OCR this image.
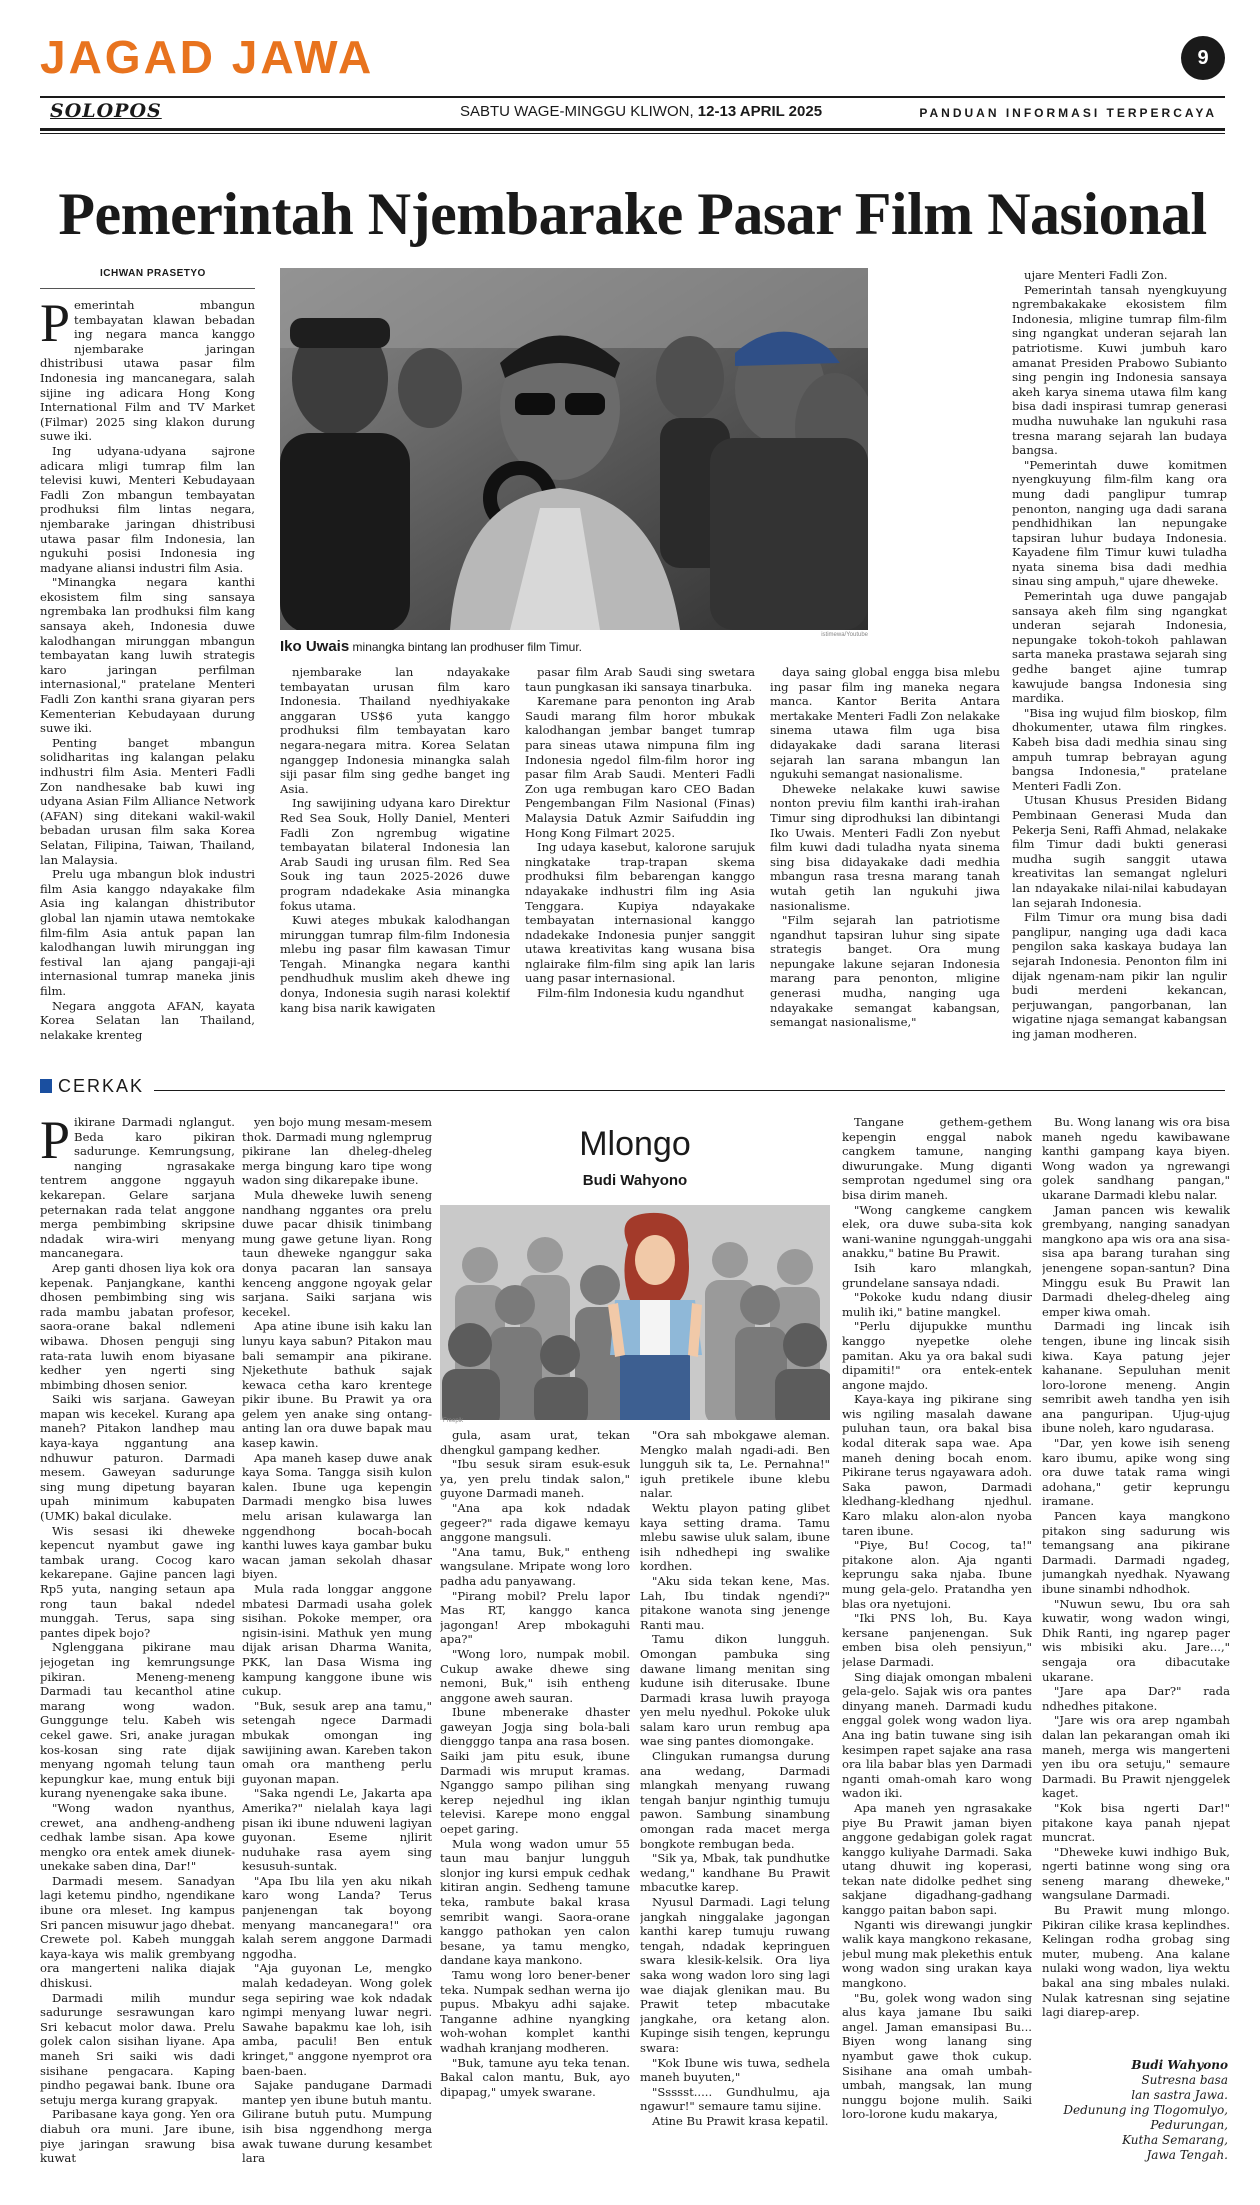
JAGAD JAWA	9
SOLOPOS	SABTU WAGE-MINGGU KLIWON, 12-13 APRIL 2025	PANDUAN INFORMASI TERPERCAYA
Pemerintah Njembarake Pasar Film Nasional
ICHWAN PRASETYO

Pemerintah mbangun tembayatan klawan bebadan ing negara manca kanggo njembarake jaringan dhistribusi utawa pasar film Indonesia ing mancanegara, salah sijine ing adicara Hong Kong International Film and TV Market (Filmar) 2025 sing klakon durung suwe iki.

Ing udyana-udyana sajrone adicara mligi tumrap film lan televisi kuwi, Menteri Kebudayaan Fadli Zon mbangun tembayatan prodhuksi film lintas negara, njembarake jaringan dhistribusi utawa pasar film Indonesia, lan ngukuhi posisi Indonesia ing madyane aliansi industri film Asia.

"Minangka negara kanthi ekosistem film sing sansaya ngrembaka lan prodhuksi film kang sansaya akeh, Indonesia duwe kalodhangan mirunggan mbangun tembayatan kang luwih strategis karo jaringan perfilman internasional," pratelane Menteri Fadli Zon kanthi srana giyaran pers Kementerian Kebudayaan durung suwe iki.

Penting banget mbangun solidharitas ing kalangan pelaku indhustri film Asia. Menteri Fadli Zon nandhesake bab kuwi ing udyana Asian Film Alliance Network (AFAN) sing ditekani wakil-wakil bebadan urusan film saka Korea Selatan, Filipina, Taiwan, Thailand, lan Malaysia.

Prelu uga mbangun blok industri film Asia kanggo ndayakake film Asia ing kalangan dhistributor global lan njamin utawa nemtokake film-film Asia antuk papan lan kalodhangan luwih mirunggan ing festival lan ajang pangaji-aji internasional tumrap maneka jinis film.

Negara anggota AFAN, kayata Korea Selatan lan Thailand, nelakake krenteg

istimewa/Youtube
Iko Uwais minangka bintang lan prodhuser film Timur.

njembarake lan ndayakake tembayatan urusan film karo Indonesia. Thailand nyedhiyakake anggaran US$6 yuta kanggo prodhuksi film tembayatan karo negara-negara mitra. Korea Selatan nganggep Indonesia minangka salah siji pasar film sing gedhe banget ing Asia.

Ing sawijining udyana karo Direktur Red Sea Souk, Holly Daniel, Menteri Fadli Zon ngrembug wigatine tembayatan bilateral Indonesia lan Arab Saudi ing urusan film. Red Sea Souk ing taun 2025-2026 duwe program ndadekake Asia minangka fokus utama.

Kuwi ateges mbukak kalodhangan mirunggan tumrap film-film Indonesia mlebu ing pasar film kawasan Timur Tengah. Minangka negara kanthi pendhudhuk muslim akeh dhewe ing donya, Indonesia sugih narasi kolektif kang bisa narik kawigaten

pasar film Arab Saudi sing swetara taun pungkasan iki sansaya tinarbuka.

Karemane para penonton ing Arab Saudi marang film horor mbukak kalodhangan jembar banget tumrap para sineas utawa nimpuna film ing Indonesia ngedol film-film horor ing pasar film Arab Saudi. Menteri Fadli Zon uga rembugan karo CEO Badan Pengembangan Film Nasional (Finas) Malaysia Datuk Azmir Saifuddin ing Hong Kong Filmart 2025.

Ing udaya kasebut, kalorone sarujuk ningkatake trap-trapan skema prodhuksi film bebarengan kanggo ndayakake indhustri film ing Asia Tenggara. Kupiya ndayakake tembayatan internasional kanggo ndadekake Indonesia punjer sanggit utawa kreativitas kang wusana bisa nglairake film-film sing apik lan laris uang pasar internasional.

Film-film Indonesia kudu ngandhut

daya saing global engga bisa mlebu ing pasar film ing maneka negara manca. Kantor Berita Antara mertakake Menteri Fadli Zon nelakake sinema utawa film uga bisa didayakake dadi sarana literasi sejarah lan sarana mbangun lan ngukuhi semangat nasionalisme.

Dheweke nelakake kuwi sawise nonton previu film kanthi irah-irahan Timur sing diprodhuksi lan dibintangi Iko Uwais. Menteri Fadli Zon nyebut film kuwi dadi tuladha nyata sinema sing bisa didayakake dadi medhia mbangun rasa tresna marang tanah wutah getih lan ngukuhi jiwa nasionalisme.

"Film sejarah lan patriotisme ngandhut tapsiran luhur sing sipate strategis banget. Ora mung nepungake lakune sejaran Indonesia marang para penonton, mligine generasi mudha, nanging uga ndayakake semangat kabangsan, semangat nasionalisme,"

ujare Menteri Fadli Zon.

Pemerintah tansah nyengkuyung ngrembakakake ekosistem film Indonesia, mligine tumrap film-film sing ngangkat underan sejarah lan patriotisme. Kuwi jumbuh karo amanat Presiden Prabowo Subianto sing pengin ing Indonesia sansaya akeh karya sinema utawa film kang bisa dadi inspirasi tumrap generasi mudha nuwuhake lan ngukuhi rasa tresna marang sejarah lan budaya bangsa.

"Pemerintah duwe komitmen nyengkuyung film-film kang ora mung dadi panglipur tumrap penonton, nanging uga dadi sarana pendhidhikan lan nepungake tapsiran luhur budaya Indonesia. Kayadene film Timur kuwi tuladha nyata sinema bisa dadi medhia sinau sing ampuh," ujare dheweke.

Pemerintah uga duwe pangajab sansaya akeh film sing ngangkat underan sejarah Indonesia, nepungake tokoh-tokoh pahlawan sarta maneka prastawa sejarah sing gedhe banget ajine tumrap kawujude bangsa Indonesia sing mardika.

"Bisa ing wujud film bioskop, film dhokumenter, utawa film ringkes. Kabeh bisa dadi medhia sinau sing ampuh tumrap bebrayan agung bangsa Indonesia," pratelane Menteri Fadli Zon.

Utusan Khusus Presiden Bidang Pembinaan Generasi Muda dan Pekerja Seni, Raffi Ahmad, nelakake film Timur dadi bukti generasi mudha sugih sanggit utawa kreativitas lan semangat ngleluri lan ndayakake nilai-nilai kabudayan lan sejarah Indonesia.

Film Timur ora mung bisa dadi panglipur, nanging uga dadi kaca pengilon saka kaskaya budaya lan sejarah Indonesia. Penonton film ini dijak ngenam-nam pikir lan ngulir budi merdeni kekancan, perjuwangan, pangorbanan, lan wigatine njaga semangat kabangsan ing jaman modheren.

CERKAK

Pikirane Darmadi nglangut. Beda karo pikiran sadurunge. Kemrungsung, nanging ngrasakake tentrem anggone nggayuh kekarepan. Gelare sarjana peternakan rada telat anggone merga pembimbing skripsine ndadak wira-wiri menyang mancanegara.

Arep ganti dhosen liya kok ora kepenak. Panjangkane, kanthi dhosen pembimbing sing wis rada mambu jabatan profesor, saora-orane bakal ndlemeni wibawa. Dhosen penguji sing rata-rata luwih enom biyasane kedher yen ngerti sing mbimbing dhosen senior.

Saiki wis sarjana. Gaweyan mapan wis kecekel. Kurang apa maneh? Pitakon landhep mau kaya-kaya nggantung ana ndhuwur paturon. Darmadi mesem. Gaweyan sadurunge sing mung dipetung bayaran upah minimum kabupaten (UMK) bakal diculake.

Wis sesasi iki dheweke kepencut nyambut gawe ing tambak urang. Cocog karo kekarepane. Gajine pancen lagi Rp5 yuta, nanging setaun apa rong taun bakal ndedel munggah. Terus, sapa sing pantes dipek bojo?

Nglenggana pikirane mau jejogetan ing kemrungsunge pikiran. Meneng-meneng Darmadi tau kecanthol atine marang wong wadon. Gunggunge telu. Kabeh wis cekel gawe. Sri, anake juragan kos-kosan sing rate dijak menyang ngomah telung taun kepungkur kae, mung entuk biji kurang nyenengake saka ibune.

"Wong wadon nyanthus, crewet, ana andheng-andheng cedhak lambe sisan. Apa kowe mengko ora entek amek diunek-unekake saben dina, Dar!"

Darmadi mesem. Sanadyan lagi ketemu pindho, ngendikane ibune ora mleset. Ing kampus Sri pancen misuwur jago dhebat. Crewete pol. Kabeh munggah kaya-kaya wis malik grembyang ora mangerteni nalika diajak dhiskusi.

Darmadi milih mundur sadurunge sesrawungan karo Sri kebacut molor dawa. Prelu golek calon sisihan liyane. Apa maneh Sri saiki wis dadi sisihane pengacara. Kaping pindho pegawai bank. Ibune ora setuju merga kurang grapyak.

Paribasane kaya gong. Yen ora diabuh ora muni. Jare ibune, piye jaringan srawung bisa kuwat

yen bojo mung mesam-mesem thok. Darmadi mung nglemprug pikirane lan dheleg-dheleg merga bingung karo tipe wong wadon sing dikarepake ibune.

Mula dheweke luwih seneng nandhang nggantes ora prelu duwe pacar dhisik tinimbang mung gawe getune liyan. Rong taun dheweke nganggur saka donya pacaran lan sansaya kenceng anggone ngoyak gelar sarjana. Saiki sarjana wis kecekel.

Apa atine ibune isih kaku lan lunyu kaya sabun? Pitakon mau bali semampir ana pikirane. Njekethute bathuk sajak kewaca cetha karo krentege pikir ibune. Bu Prawit ya ora gelem yen anake sing ontang-anting lan ora duwe bapak mau kasep kawin.

Apa maneh kasep duwe anak kaya Soma. Tangga sisih kulon kalen. Ibune uga kepengin Darmadi mengko bisa luwes melu arisan kulawarga lan nggendhong bocah-bocah kanthi luwes kaya gambar buku wacan jaman sekolah dhasar biyen.

Mula rada longgar anggone mbatesi Darmadi usaha golek sisihan. Pokoke memper, ora ngisin-isini. Mathuk yen mung dijak arisan Dharma Wanita, PKK, lan Dasa Wisma ing kampung kanggone ibune wis cukup.

"Buk, sesuk arep ana tamu," setengah ngece Darmadi mbukak omongan ing sawijining awan. Kareben takon omah ora mantheng perlu guyonan mapan.

"Saka ngendi Le, Jakarta apa Amerika?" nielalah kaya lagi pisan iki ibune nduweni lagiyan guyonan. Eseme njlirit nuduhake rasa ayem sing kesusuh-suntak.

"Apa Ibu lila yen aku nikah karo wong Landa? Terus panjenengan tak boyong menyang mancanegara!" ora kalah serem anggone Darmadi nggodha.

"Aja guyonan Le, mengko malah kedadeyan. Wong golek sega sepiring wae kok ndadak ngimpi menyang luwar negri. Sawahe bapakmu kae loh, isih amba, paculi! Ben entuk kringet," anggone nyemprot ora baen-baen.

Sajake pandugane Darmadi mantep yen ibune butuh mantu. Gilirane butuh putu. Mumpung isih bisa nggendhong merga awak tuwane durung kesambet lara

Mlongo
Budi Wahyono
Freepik

gula, asam urat, tekan dhengkul gampang kedher.

"Ibu sesuk siram esuk-esuk ya, yen prelu tindak salon," guyone Darmadi maneh.

"Ana apa kok ndadak gegeer?" rada digawe kemayu anggone mangsuli.

"Ana tamu, Buk," entheng wangsulane. Mripate wong loro padha adu panyawang.

"Pirang mobil? Prelu lapor Mas RT, kanggo kanca jagongan! Arep mbokaguhi apa?"

"Wong loro, numpak mobil. Cukup awake dhewe sing nemoni, Buk," isih entheng anggone aweh sauran.

Ibune mbenerake dhaster gaweyan Jogja sing bola-bali diengggo tanpa ana rasa bosen. Saiki jam pitu esuk, ibune Darmadi wis mruput kramas. Nganggo sampo pilihan sing kerep nejedhul ing iklan televisi. Karepe mono enggal oepet garing.

Mula wong wadon umur 55 taun mau banjur lungguh slonjor ing kursi empuk cedhak kitiran angin. Sedheng tamune teka, rambute bakal krasa semribit wangi. Saora-orane kanggo pathokan yen calon besane, ya tamu mengko, dandane kaya mankono.

Tamu wong loro bener-bener teka. Numpak sedhan werna ijo pupus. Mbakyu adhi sajake. Tanganne adhine nyangking woh-wohan komplet kanthi wadhah kranjang modheren.

"Buk, tamune ayu teka tenan. Bakal calon mantu, Buk, ayo dipapag," umyek swarane.

"Ora sah mbokgawe aleman. Mengko malah ngadi-adi. Ben lungguh sik ta, Le. Pernahna!" iguh pretikele ibune klebu nalar.

Wektu playon pating glibet kaya setting drama. Tamu mlebu sawise uluk salam, ibune isih ndhedhepi ing swalike kordhen.

"Aku sida tekan kene, Mas. Lah, Ibu tindak ngendi?" pitakone wanota sing jenenge Ranti mau.

Tamu dikon lungguh. Omongan pambuka sing dawane limang menitan sing kudune isih diterusake. Ibune Darmadi krasa luwih prayoga yen melu nyedhul. Pokoke uluk salam karo urun rembug apa wae sing pantes diomongake.

Clingukan rumangsa durung ana wedang, Darmadi mlangkah menyang ruwang tengah banjur nginthig tumuju pawon. Sambung sinambung omongan rada macet merga bongkote rembugan beda.

"Sik ya, Mbak, tak pundhutke wedang," kandhane Bu Prawit mbacutke karep.

Nyusul Darmadi. Lagi telung jangkah ninggalake jagongan kanthi karep tumuju ruwang tengah, ndadak kepringuen swara klesik-kelsik. Ora liya saka wong wadon loro sing lagi wae diajak glenikan mau. Bu Prawit tetep mbacutake jangkahe, ora ketang alon. Kupinge sisih tengen, keprungu swara:

"Kok Ibune wis tuwa, sedhela maneh buyuten,"

"Ssssst..... Gundhulmu, aja ngawur!" semaure tamu sijine.

Atine Bu Prawit krasa kepatil.

Tangane gethem-gethem kepengin enggal nabok cangkem tamune, nanging diwurungake. Mung diganti semprotan ngedumel sing ora bisa dirim maneh.

"Wong cangkeme cangkem elek, ora duwe suba-sita kok wani-wanine ngunggah-unggahi anakku," batine Bu Prawit.

Isih karo mlangkah, grundelane sansaya ndadi.

"Pokoke kudu ndang diusir mulih iki," batine mangkel.

"Perlu dijupukke munthu kanggo nyepetke olehe pamitan. Aku ya ora bakal sudi dipamiti!" ora entek-entek angone majdo.

Kaya-kaya ing pikirane sing wis ngiling masalah dawane puluhan taun, ora bakal bisa kodal diterak sapa wae. Apa maneh dening bocah enom. Pikirane terus ngayawara adoh. Saka pawon, Darmadi kledhang-kledhang njedhul. Karo mlaku alon-alon nyoba taren ibune.

"Piye, Bu! Cocog, ta!" pitakone alon. Aja nganti keprungu saka njaba. Ibune mung gela-gelo. Pratandha yen blas ora nyetujoni.

"Iki PNS loh, Bu. Kaya kersane panjenengan. Suk emben bisa oleh pensiyun," jelase Darmadi.

Sing diajak omongan mbaleni gela-gelo. Sajak wis ora pantes dinyang maneh. Darmadi kudu enggal golek wong wadon liya. Ana ing batin tuwane sing isih kesimpen rapet sajake ana rasa ora lila babar blas yen Darmadi nganti omah-omah karo wong wadon iki.

Apa maneh yen ngrasakake piye Bu Prawit jaman biyen anggone gedabigan golek ragat kanggo kuliyahe Darmadi. Saka utang dhuwit ing koperasi, tekan nate didolke pedhet sing sakjane digadhang-gadhang kanggo paitan babon sapi.

Nganti wis direwangi jungkir walik kaya mangkono rekasane, jebul mung mak plekethis entuk wong wadon sing urakan kaya mangkono.

"Bu, golek wong wadon sing alus kaya jamane Ibu saiki angel. Jaman emansipasi Bu... Biyen wong lanang sing nyambut gawe thok cukup. Sisihane ana omah umbah-umbah, mangsak, lan mung nunggu bojone mulih. Saiki loro-lorone kudu makarya,

Bu. Wong lanang wis ora bisa maneh ngedu kawibawane kanthi gampang kaya biyen. Wong wadon ya ngrewangi golek sandhang pangan," ukarane Darmadi klebu nalar.

Jaman pancen wis kewalik grembyang, nanging sanadyan mangkono apa wis ora ana sisa-sisa apa barang turahan sing jenengene sopan-santun? Dina Minggu esuk Bu Prawit lan Darmadi dheleg-dheleg aing emper kiwa omah.

Darmadi ing lincak isih tengen, ibune ing lincak sisih kiwa. Kaya patung jejer kahanane. Sepuluhan menit loro-lorone meneng. Angin semribit aweh tandha yen isih ana panguripan. Ujug-ujug ibune noleh, karo ngudarasa.

"Dar, yen kowe isih seneng karo ibumu, apike wong sing ora duwe tatak rama wingi adohana," getir keprungu iramane.

Pancen kaya mangkono pitakon sing sadurung wis temangsang ana pikirane Darmadi. Darmadi ngadeg, jumangkah nyedhak. Nyawang ibune sinambi ndhodhok.

"Nuwun sewu, Ibu ora sah kuwatir, wong wadon wingi, Dhik Ranti, ing ngarep pager wis mbisiki aku. Jare...," sengaja ora dibacutake ukarane.

"Jare apa Dar?" rada ndhedhes pitakone.

"Jare wis ora arep ngambah dalan lan pekarangan omah iki maneh, merga wis mangerteni yen ibu ora setuju," semaure Darmadi. Bu Prawit njenggelek kaget.

"Kok bisa ngerti Dar!" pitakone kaya panah njepat muncrat.

"Dheweke kuwi indhigo Buk, ngerti batinne wong sing ora seneng marang dheweke," wangsulane Darmadi.

Bu Prawit mung mlongo. Pikiran cilike krasa keplindhes. Kelingan rodha grobag sing muter, mubeng. Ana kalane nulaki wong wadon, liya wektu bakal ana sing mbales nulaki. Nulak katresnan sing sejatine lagi diarep-arep.

Budi Wahyono
Sutresna basa
lan sastra Jawa.
Dedunung ing Tlogomulyo,
Pedurungan,
Kutha Semarang,
Jawa Tengah.
